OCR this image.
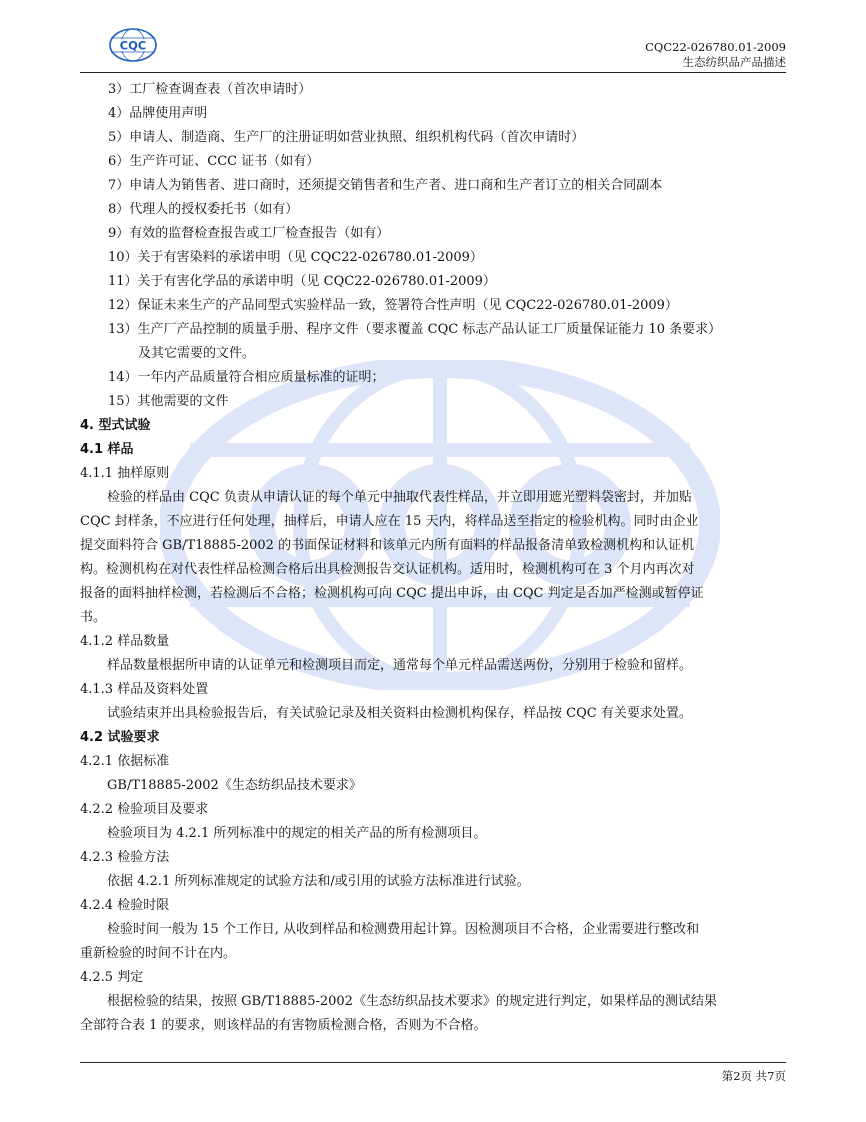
CQC	CQC22-026780.01-2009
生态纺织品产品描述
3）工厂检查调查表（首次申请时）
4）品牌使用声明
5）申请人、制造商、生产厂的注册证明如营业执照、组织机构代码（首次申请时）
6）生产许可证、CCC 证书（如有）
7）申请人为销售者、进口商时，还须提交销售者和生产者、进口商和生产者订立的相关合同副本
8）代理人的授权委托书（如有）
9）有效的监督检查报告或工厂检查报告（如有）
10）关于有害染料的承诺申明（见 CQC22-026780.01-2009）
11）关于有害化学品的承诺申明（见 CQC22-026780.01-2009）
12）保证未来生产的产品同型式实验样品一致，签署符合性声明（见 CQC22-026780.01-2009）
13）生产厂产品控制的质量手册、程序文件（要求覆盖 CQC 标志产品认证工厂质量保证能力 10 条要求）
及其它需要的文件。
14）一年内产品质量符合相应质量标准的证明；
15）其他需要的文件
4. 型式试验
4.1 样品
4.1.1 抽样原则
检验的样品由 CQC 负责从申请认证的每个单元中抽取代表性样品，并立即用遮光塑料袋密封，并加贴
CQC 封样条，不应进行任何处理，抽样后，申请人应在 15 天内，将样品送至指定的检验机构。同时由企业
提交面料符合 GB/T18885-2002 的书面保证材料和该单元内所有面料的样品报备清单致检测机构和认证机
构。检测机构在对代表性样品检测合格后出具检测报告交认证机构。适用时，检测机构可在 3 个月内再次对
报备的面料抽样检测，若检测后不合格；检测机构可向 CQC 提出申诉，由 CQC 判定是否加严检测或暂停证
书。
4.1.2 样品数量
样品数量根据所申请的认证单元和检测项目而定，通常每个单元样品需送两份，分别用于检验和留样。
4.1.3 样品及资料处置
试验结束并出具检验报告后，有关试验记录及相关资料由检测机构保存，样品按 CQC 有关要求处置。
4.2 试验要求
4.2.1 依据标准
GB/T18885-2002《生态纺织品技术要求》
4.2.2 检验项目及要求
检验项目为 4.2.1 所列标准中的规定的相关产品的所有检测项目。
4.2.3 检验方法
依据 4.2.1 所列标准规定的试验方法和/或引用的试验方法标准进行试验。
4.2.4 检验时限
检验时间一般为 15 个工作日, 从收到样品和检测费用起计算。因检测项目不合格，企业需要进行整改和
重新检验的时间不计在内。
4.2.5 判定
根据检验的结果，按照 GB/T18885-2002《生态纺织品技术要求》的规定进行判定，如果样品的测试结果
全部符合表 1 的要求，则该样品的有害物质检测合格，否则为不合格。
第2页 共7页
